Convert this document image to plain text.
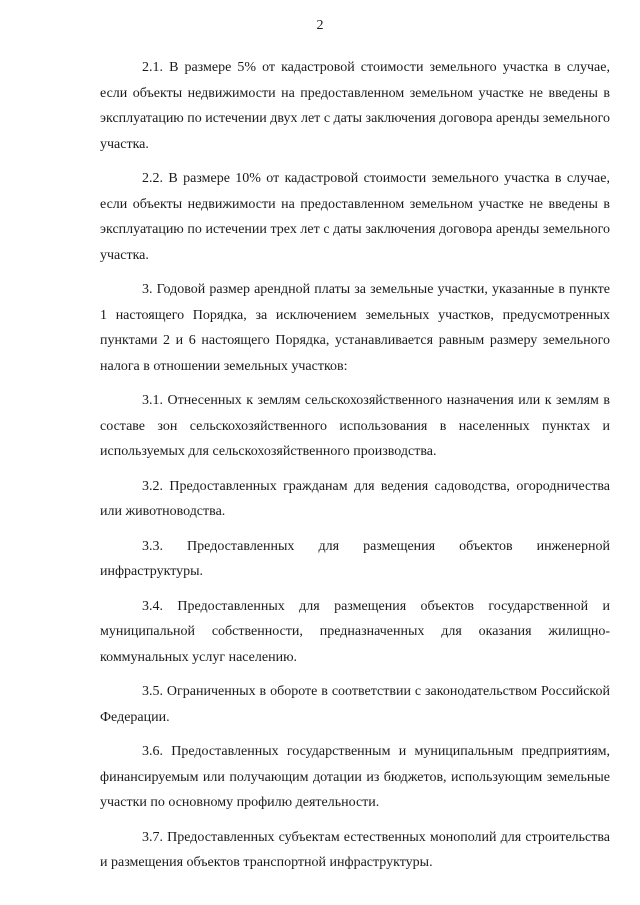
2

2.1. В размере 5% от кадастровой стоимости земельного участка в случае, если объекты недвижимости на предоставленном земельном участке не введены в эксплуатацию по истечении двух лет с даты заключения договора аренды земельного участка.

2.2. В размере 10% от кадастровой стоимости земельного участка в случае, если объекты недвижимости на предоставленном земельном участке не введены в эксплуатацию по истечении трех лет с даты заключения договора аренды земельного участка.

3. Годовой размер арендной платы за земельные участки, указанные в пункте 1 настоящего Порядка, за исключением земельных участков, предусмотренных пунктами 2 и 6 настоящего Порядка, устанавливается равным размеру земельного налога в отношении земельных участков:

3.1. Отнесенных к землям сельскохозяйственного назначения или к землям в составе зон сельскохозяйственного использования в населенных пунктах и используемых для сельскохозяйственного производства.

3.2. Предоставленных гражданам для ведения садоводства, огородничества или животноводства.

3.3. Предоставленных для размещения объектов инженерной инфраструктуры.

3.4. Предоставленных для размещения объектов государственной и муниципальной собственности, предназначенных для оказания жилищно-коммунальных услуг населению.

3.5. Ограниченных в обороте в соответствии с законодательством Российской Федерации.

3.6. Предоставленных государственным и муниципальным предприятиям, финансируемым или получающим дотации из бюджетов, использующим земельные участки по основному профилю деятельности.

3.7. Предоставленных субъектам естественных монополий для строительства и размещения объектов транспортной инфраструктуры.
